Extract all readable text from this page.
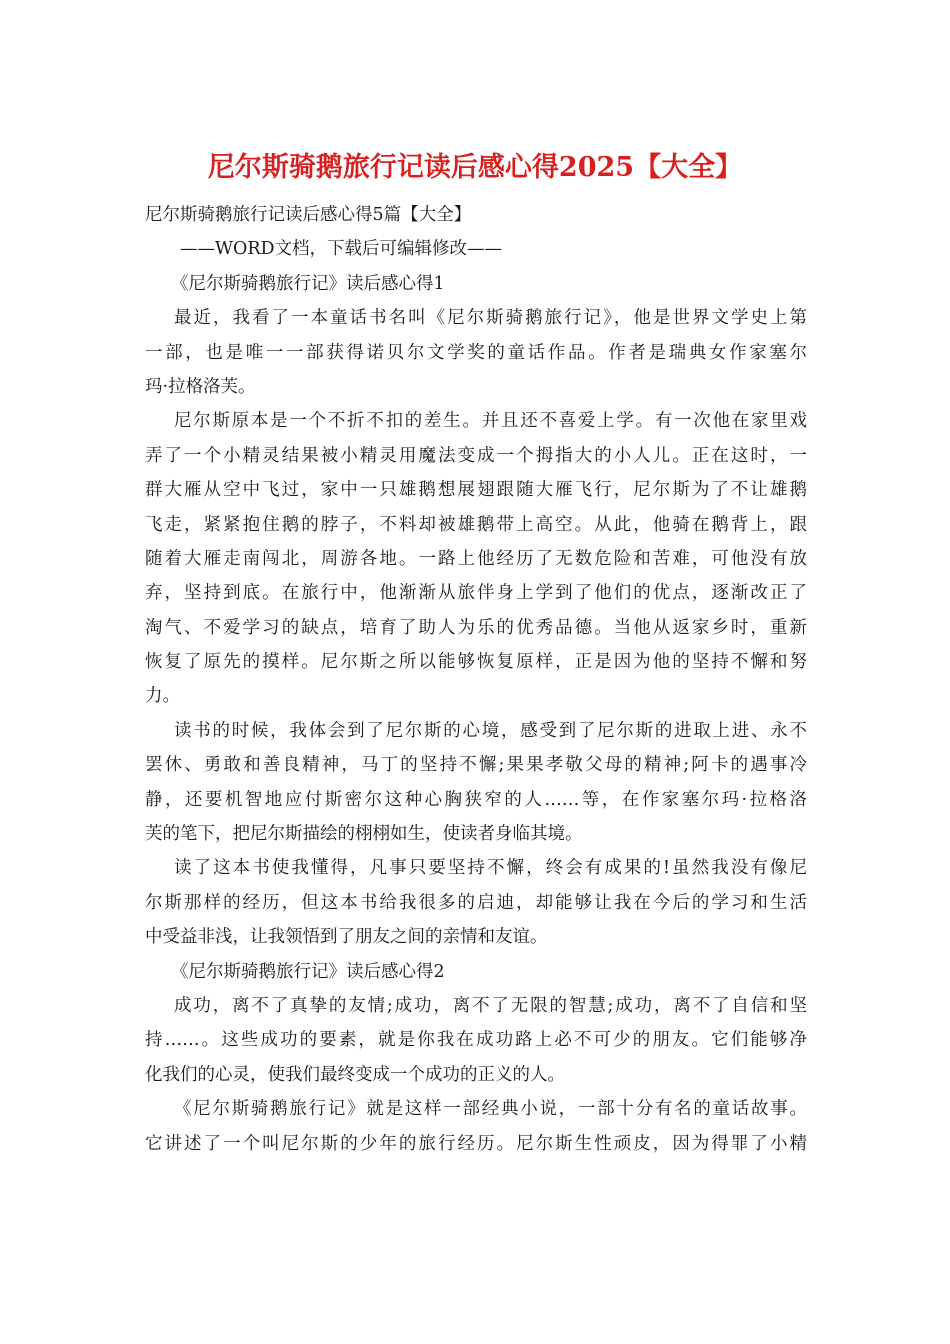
尼尔斯骑鹅旅行记读后感心得2025【大全】
尼尔斯骑鹅旅行记读后感心得5篇【大全】
——WORD文档，下载后可编辑修改——
《尼尔斯骑鹅旅行记》读后感心得1
最近，我看了一本童话书名叫《尼尔斯骑鹅旅行记》，他是世界文学史上第
一部，也是唯一一部获得诺贝尔文学奖的童话作品。作者是瑞典女作家塞尔
玛·拉格洛芙。
尼尔斯原本是一个不折不扣的差生。并且还不喜爱上学。有一次他在家里戏
弄了一个小精灵结果被小精灵用魔法变成一个拇指大的小人儿。正在这时，一
群大雁从空中飞过，家中一只雄鹅想展翅跟随大雁飞行，尼尔斯为了不让雄鹅
飞走，紧紧抱住鹅的脖子，不料却被雄鹅带上高空。从此，他骑在鹅背上，跟
随着大雁走南闯北，周游各地。一路上他经历了无数危险和苦难，可他没有放
弃，坚持到底。在旅行中，他渐渐从旅伴身上学到了他们的优点，逐渐改正了
淘气、不爱学习的缺点，培育了助人为乐的优秀品德。当他从返家乡时，重新
恢复了原先的摸样。尼尔斯之所以能够恢复原样，正是因为他的坚持不懈和努
力。
读书的时候，我体会到了尼尔斯的心境，感受到了尼尔斯的进取上进、永不
罢休、勇敢和善良精神，马丁的坚持不懈;果果孝敬父母的精神;阿卡的遇事冷
静，还要机智地应付斯密尔这种心胸狭窄的人……等，在作家塞尔玛·拉格洛
芙的笔下，把尼尔斯描绘的栩栩如生，使读者身临其境。
读了这本书使我懂得，凡事只要坚持不懈，终会有成果的!虽然我没有像尼
尔斯那样的经历，但这本书给我很多的启迪，却能够让我在今后的学习和生活
中受益非浅，让我领悟到了朋友之间的亲情和友谊。
《尼尔斯骑鹅旅行记》读后感心得2
成功，离不了真挚的友情;成功，离不了无限的智慧;成功，离不了自信和坚
持……。这些成功的要素，就是你我在成功路上必不可少的朋友。它们能够净
化我们的心灵，使我们最终变成一个成功的正义的人。
《尼尔斯骑鹅旅行记》就是这样一部经典小说，一部十分有名的童话故事。
它讲述了一个叫尼尔斯的少年的旅行经历。尼尔斯生性顽皮，因为得罪了小精
